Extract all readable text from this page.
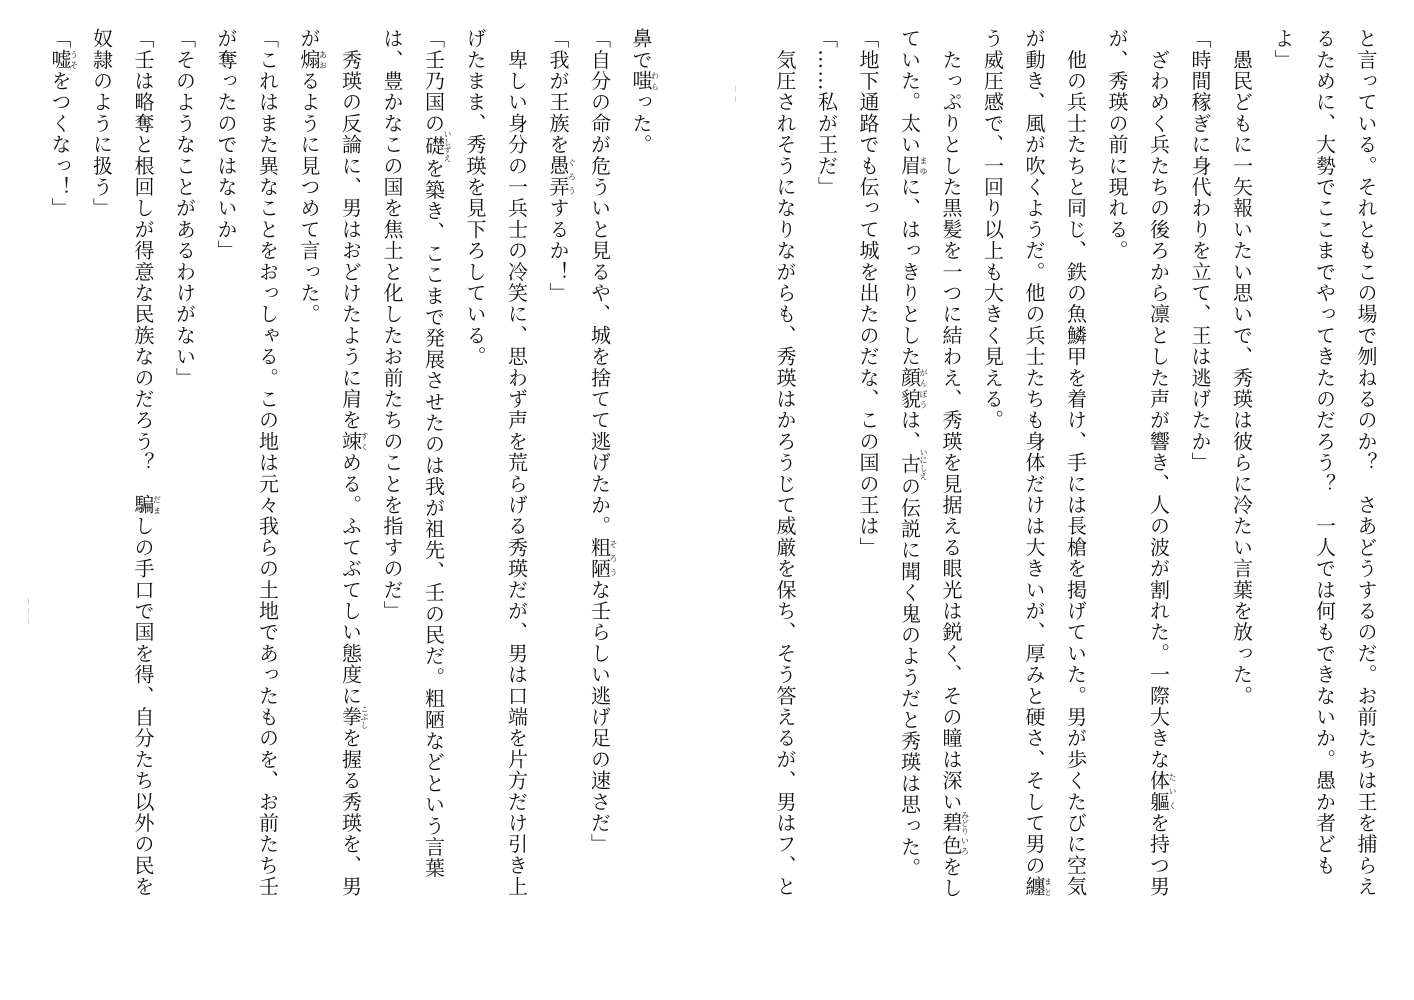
と言っている。それともこの場で刎ねるのか？　さあどうするのだ。お前たちは王を捕らえ
るために、大勢でここまでやってきたのだろう？　一人では何もできないか。愚か者ども
よ」
　愚民どもに一矢報いたい思いで、秀瑛は彼らに冷たい言葉を放った。
「時間稼ぎに身代わりを立て、王は逃げたか」
　ざわめく兵たちの後ろから凛とした声が響き、人の波が割れた。一際大きな体軀たいくを持つ男
が、秀瑛の前に現れる。
　他の兵士たちと同じ、鉄の魚鱗甲を着け、手には長槍を掲げていた。男が歩くたびに空気
が動き、風が吹くようだ。他の兵士たちも身体だけは大きいが、厚みと硬さ、そして男の纏まと
う威圧感で、一回り以上も大きく見える。
　たっぷりとした黒髪を一つに結わえ、秀瑛を見据える眼光は鋭く、その瞳は深い碧みどり色いろをし
ていた。太い眉まゆに、はっきりとした顔貌がんぼうは、古いにしえの伝説に聞く鬼のようだと秀瑛は思った。
「地下通路でも伝って城を出たのだな、この国の王は」
「……私が王だ」
　気圧されそうになりながらも、秀瑛はかろうじて威厳を保ち、そう答えるが、男はフ、と
鼻で嗤わらった。
「自分の命が危ういと見るや、城を捨てて逃げたか。粗陋そろうな壬らしい逃げ足の速さだ」
「我が王族を愚弄ぐろうするか！」
　卑しい身分の一兵士の冷笑に、思わず声を荒らげる秀瑛だが、男は口端を片方だけ引き上
げたまま、秀瑛を見下ろしている。
「壬乃国の礎いしずえを築き、ここまで発展させたのは我が祖先、壬の民だ。粗陋などという言葉
は、豊かなこの国を焦土と化したお前たちのことを指すのだ」
　秀瑛の反論に、男はおどけたように肩を竦すくめる。ふてぶてしい態度に拳こぶしを握る秀瑛を、男
が煽あおるように見つめて言った。
「これはまた異なことをおっしゃる。この地は元々我らの土地であったものを、お前たち壬
が奪ったのではないか」
「そのようなことがあるわけがない」
「壬は略奪と根回しが得意な民族なのだろう？　騙だましの手口で国を得、自分たち以外の民を
奴隷のように扱う」
「嘘うそをつくなっ！」
